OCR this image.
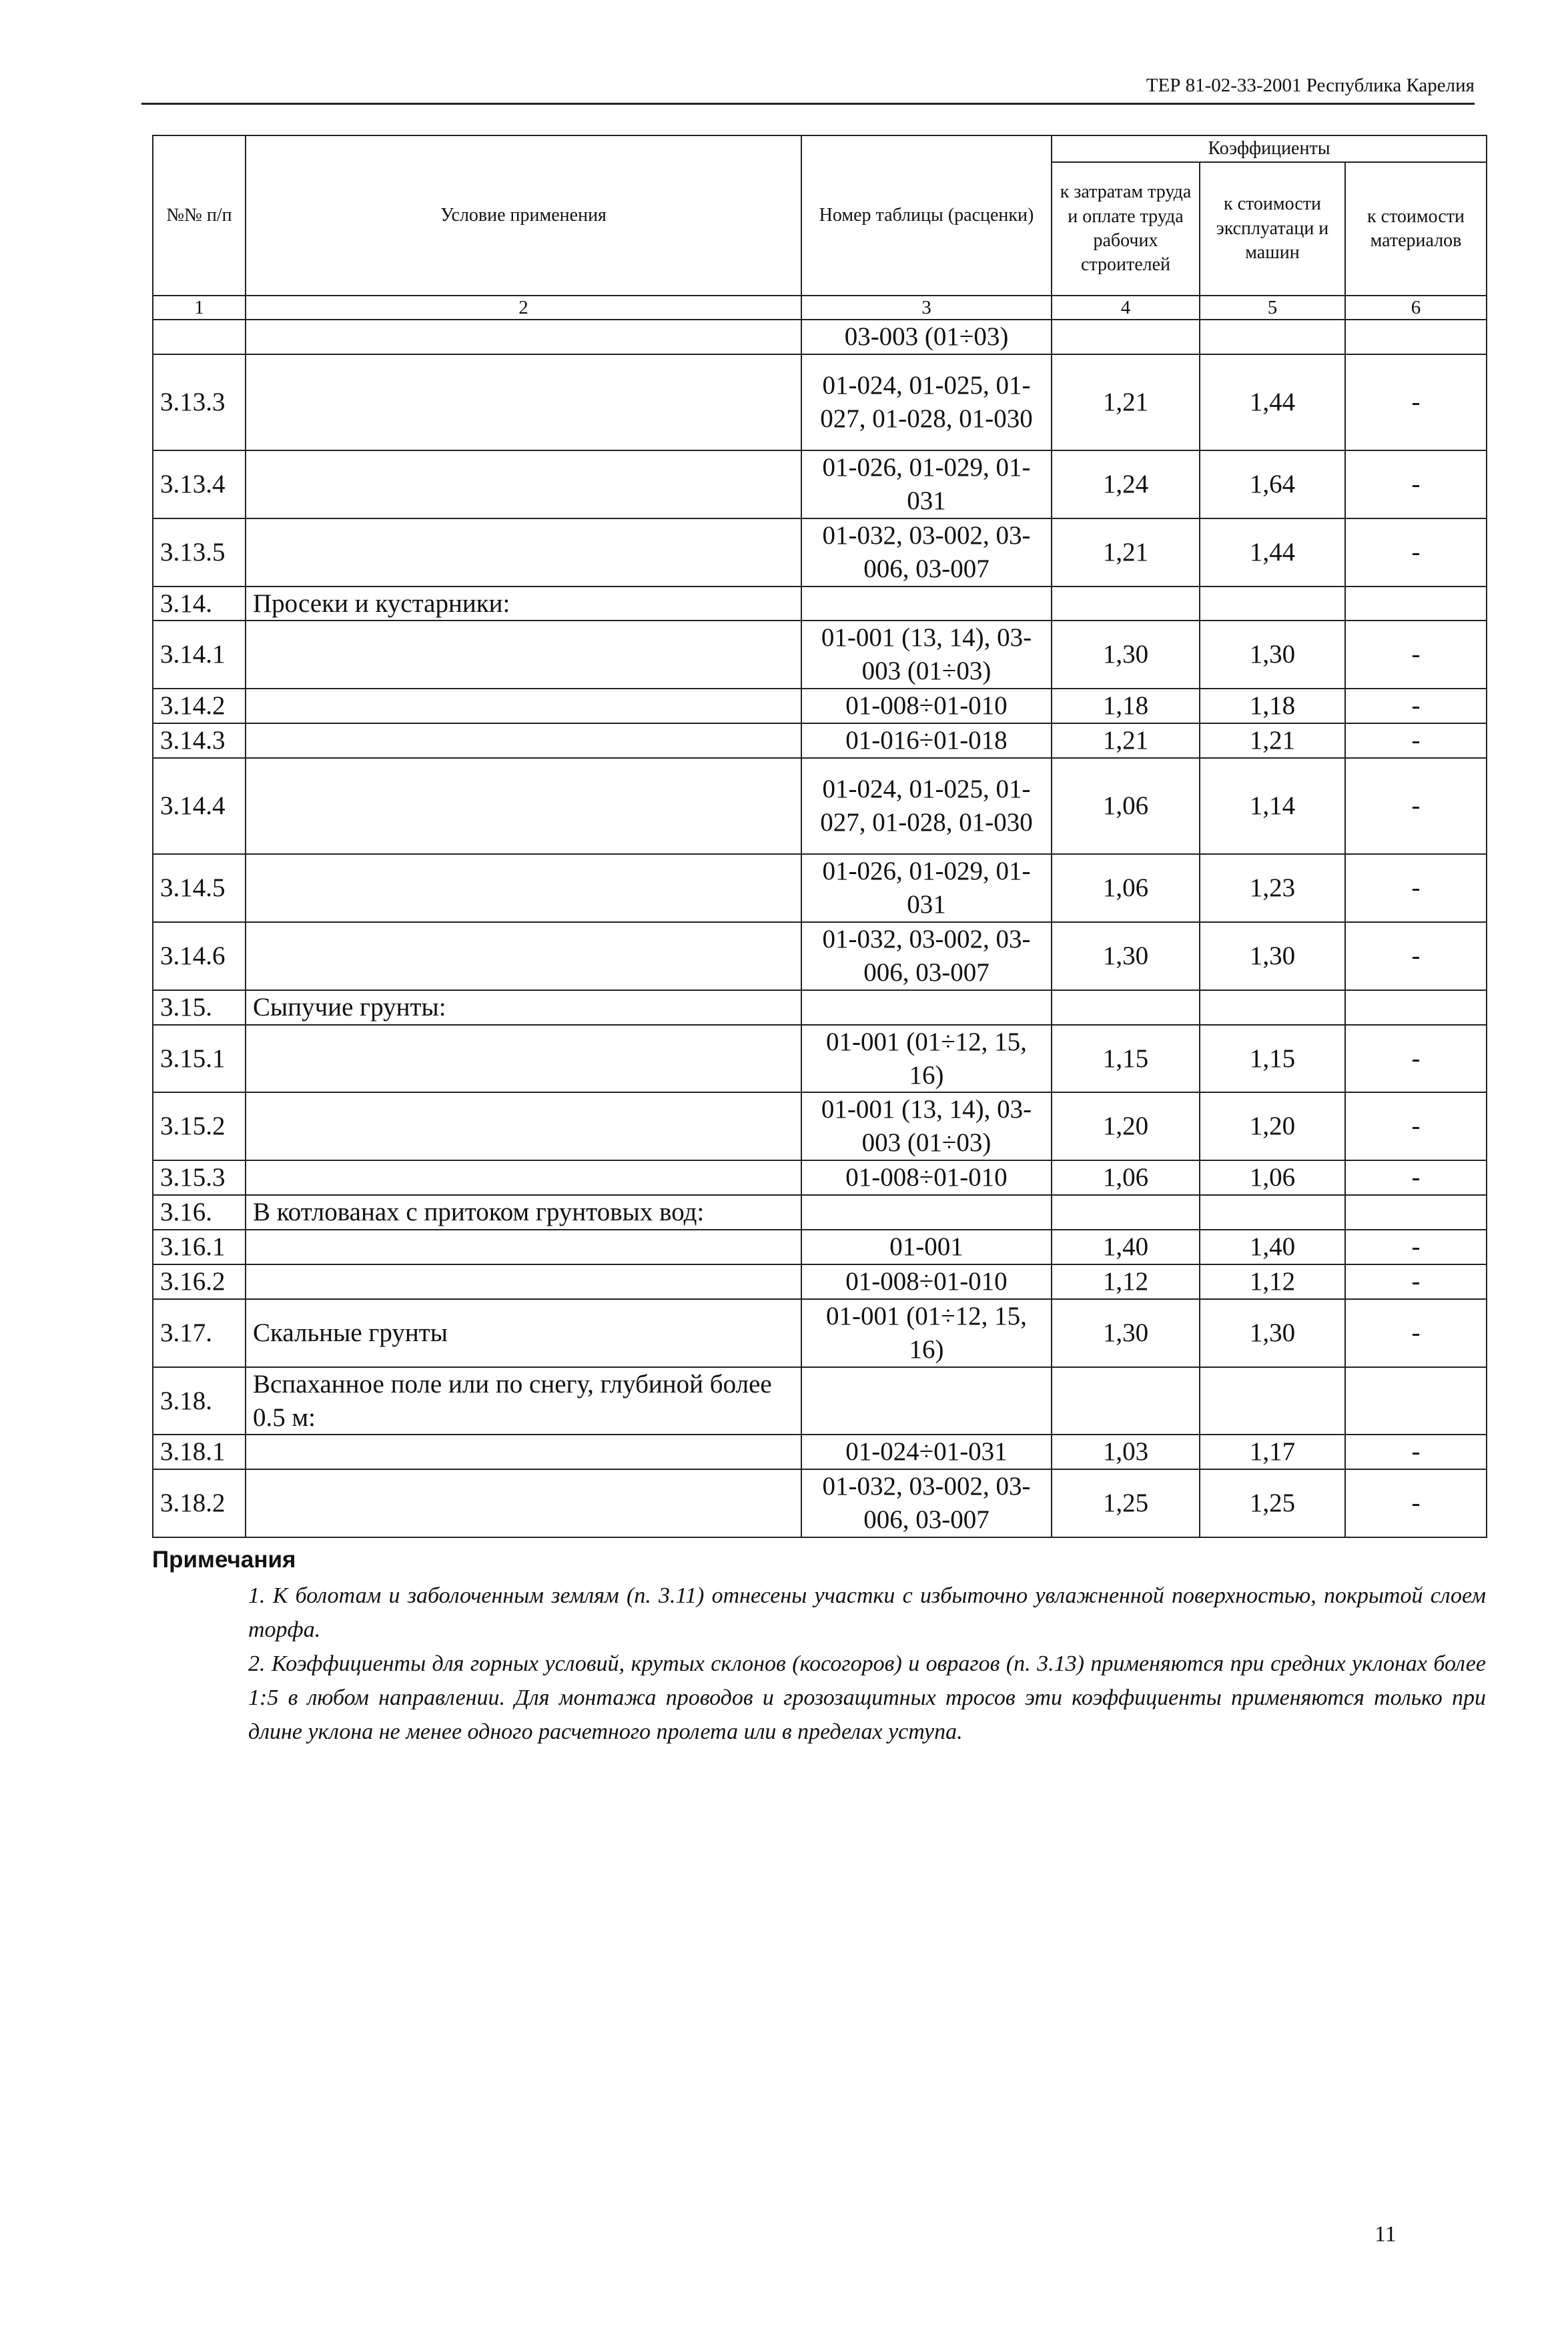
ТЕР 81-02-33-2001 Республика Карелия
№№ п/п	Условие применения	Номер таблицы (расценки)	Коэффициенты		
			к затратам труда и оплате труда рабочих строителей	к стоимости эксплуатаци и машин	к стоимости материалов
1	2	3	4	5	6
		03-003 (01÷03)			
3.13.3		01-024, 01-025, 01-027, 01-028, 01-030	1,21	1,44	-
3.13.4		01-026, 01-029, 01-031	1,24	1,64	-
3.13.5		01-032, 03-002, 03-006, 03-007	1,21	1,44	-
3.14.	Просеки и кустарники:				
3.14.1		01-001 (13, 14), 03-003 (01÷03)	1,30	1,30	-
3.14.2		01-008÷01-010	1,18	1,18	-
3.14.3		01-016÷01-018	1,21	1,21	-
3.14.4		01-024, 01-025, 01-027, 01-028, 01-030	1,06	1,14	-
3.14.5		01-026, 01-029, 01-031	1,06	1,23	-
3.14.6		01-032, 03-002, 03-006, 03-007	1,30	1,30	-
3.15.	Сыпучие грунты:				
3.15.1		01-001 (01÷12, 15, 16)	1,15	1,15	-
3.15.2		01-001 (13, 14), 03-003 (01÷03)	1,20	1,20	-
3.15.3		01-008÷01-010	1,06	1,06	-
3.16.	В котлованах с притоком грунтовых вод:				
3.16.1		01-001	1,40	1,40	-
3.16.2		01-008÷01-010	1,12	1,12	-
3.17.	Скальные грунты	01-001 (01÷12, 15, 16)	1,30	1,30	-
3.18.	Вспаханное поле или по снегу, глубиной более 0.5 м:				
3.18.1		01-024÷01-031	1,03	1,17	-
3.18.2		01-032, 03-002, 03-006, 03-007	1,25	1,25	-
Примечания
1. К болотам и заболоченным землям (п. 3.11) отнесены участки с избыточно увлажненной поверхностью, покрытой слоем торфа.
2. Коэффициенты для горных условий, крутых склонов (косогоров) и оврагов (п. 3.13) применяются при средних уклонах более 1:5 в любом направлении. Для монтажа проводов и грозозащитных тросов эти коэффициенты применяются только при длине уклона не менее одного расчетного пролета или в пределах уступа.
11
